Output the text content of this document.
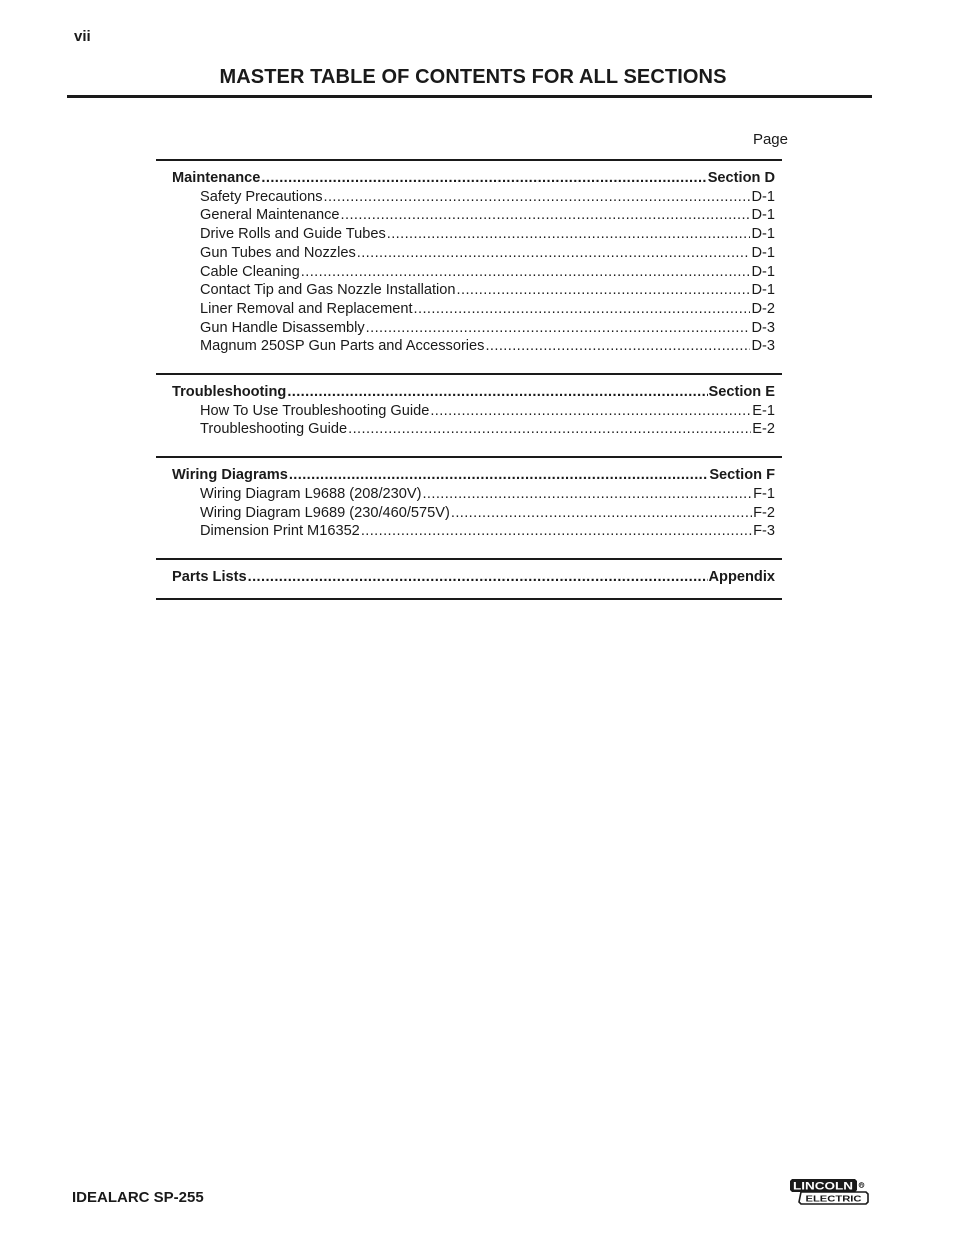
vii
MASTER TABLE OF CONTENTS FOR ALL SECTIONS
Page
Maintenance .....	Section D
Safety Precautions .....	D-1
General Maintenance .....	D-1
Drive Rolls and Guide Tubes .....	D-1
Gun Tubes and Nozzles .....	D-1
Cable Cleaning .....	D-1
Contact Tip and Gas Nozzle Installation .....	D-1
Liner Removal and Replacement .....	D-2
Gun Handle Disassembly .....	D-3
Magnum 250SP Gun Parts and Accessories .....	D-3
Troubleshooting .....	Section E
How To Use Troubleshooting Guide .....	E-1
Troubleshooting Guide .....	E-2
Wiring Diagrams .....	Section F
Wiring Diagram L9688 (208/230V) .....	F-1
Wiring Diagram L9689 (230/460/575V) .....	F-2
Dimension Print M16352 .....	F-3
Parts Lists .....	Appendix
IDEALARC SP-255
LINCOLN
ELECTRIC
R
